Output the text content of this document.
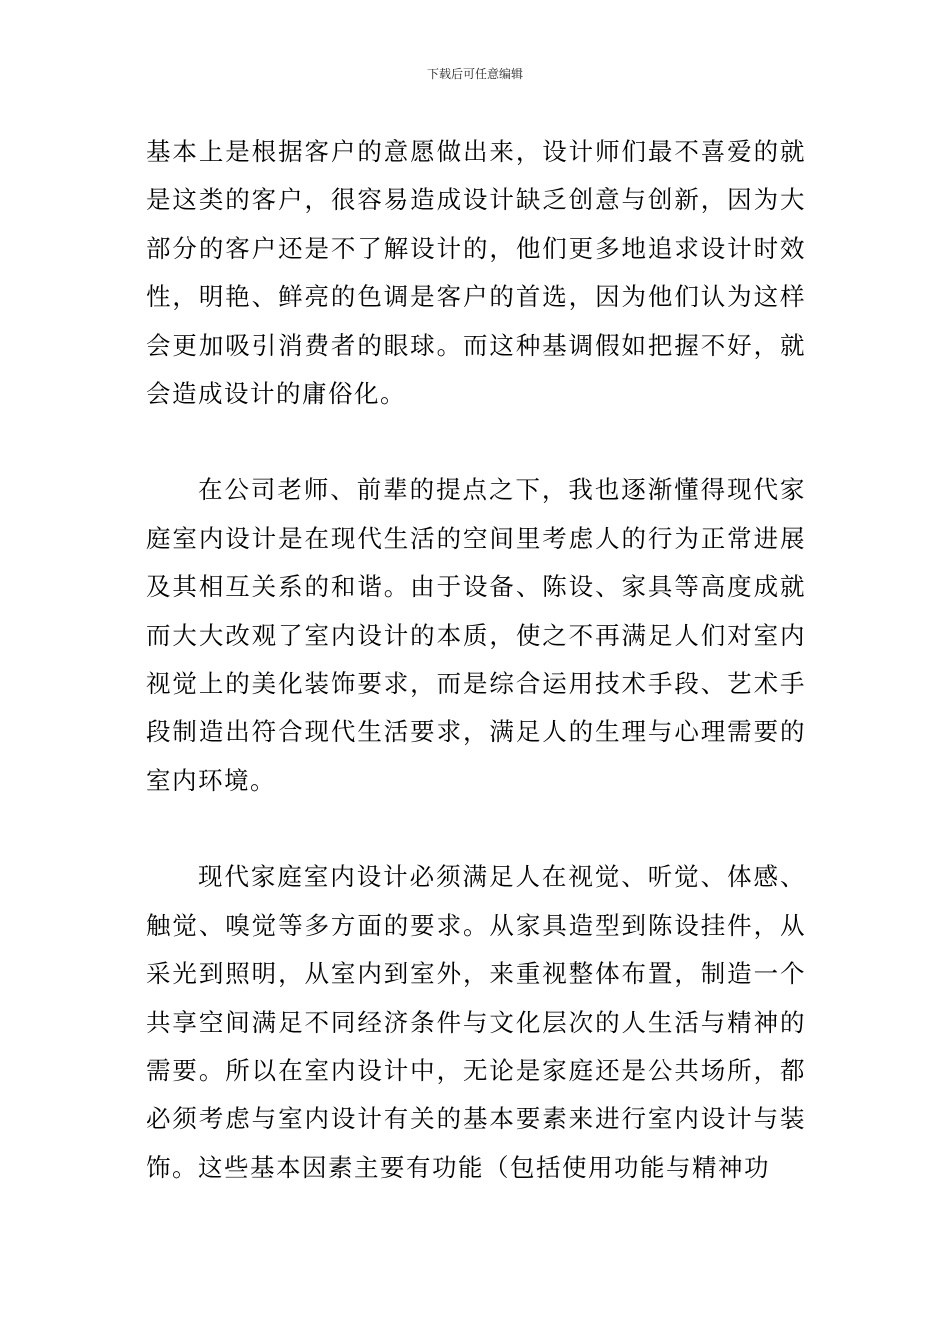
下载后可任意编辑

基本上是根据客户的意愿做出来，设计师们最不喜爱的就是这类的客户，很容易造成设计缺乏创意与创新，因为大部分的客户还是不了解设计的，他们更多地追求设计时效性，明艳、鲜亮的色调是客户的首选，因为他们认为这样会更加吸引消费者的眼球。而这种基调假如把握不好，就会造成设计的庸俗化。

在公司老师、前辈的提点之下，我也逐渐懂得现代家庭室内设计是在现代生活的空间里考虑人的行为正常进展及其相互关系的和谐。由于设备、陈设、家具等高度成就而大大改观了室内设计的本质，使之不再满足人们对室内视觉上的美化装饰要求，而是综合运用技术手段、艺术手段制造出符合现代生活要求，满足人的生理与心理需要的室内环境。

现代家庭室内设计必须满足人在视觉、听觉、体感、触觉、嗅觉等多方面的要求。从家具造型到陈设挂件，从采光到照明，从室内到室外，来重视整体布置，制造一个共享空间满足不同经济条件与文化层次的人生活与精神的需要。所以在室内设计中，无论是家庭还是公共场所，都必须考虑与室内设计有关的基本要素来进行室内设计与装饰。这些基本因素主要有功能（包括使用功能与精神功
